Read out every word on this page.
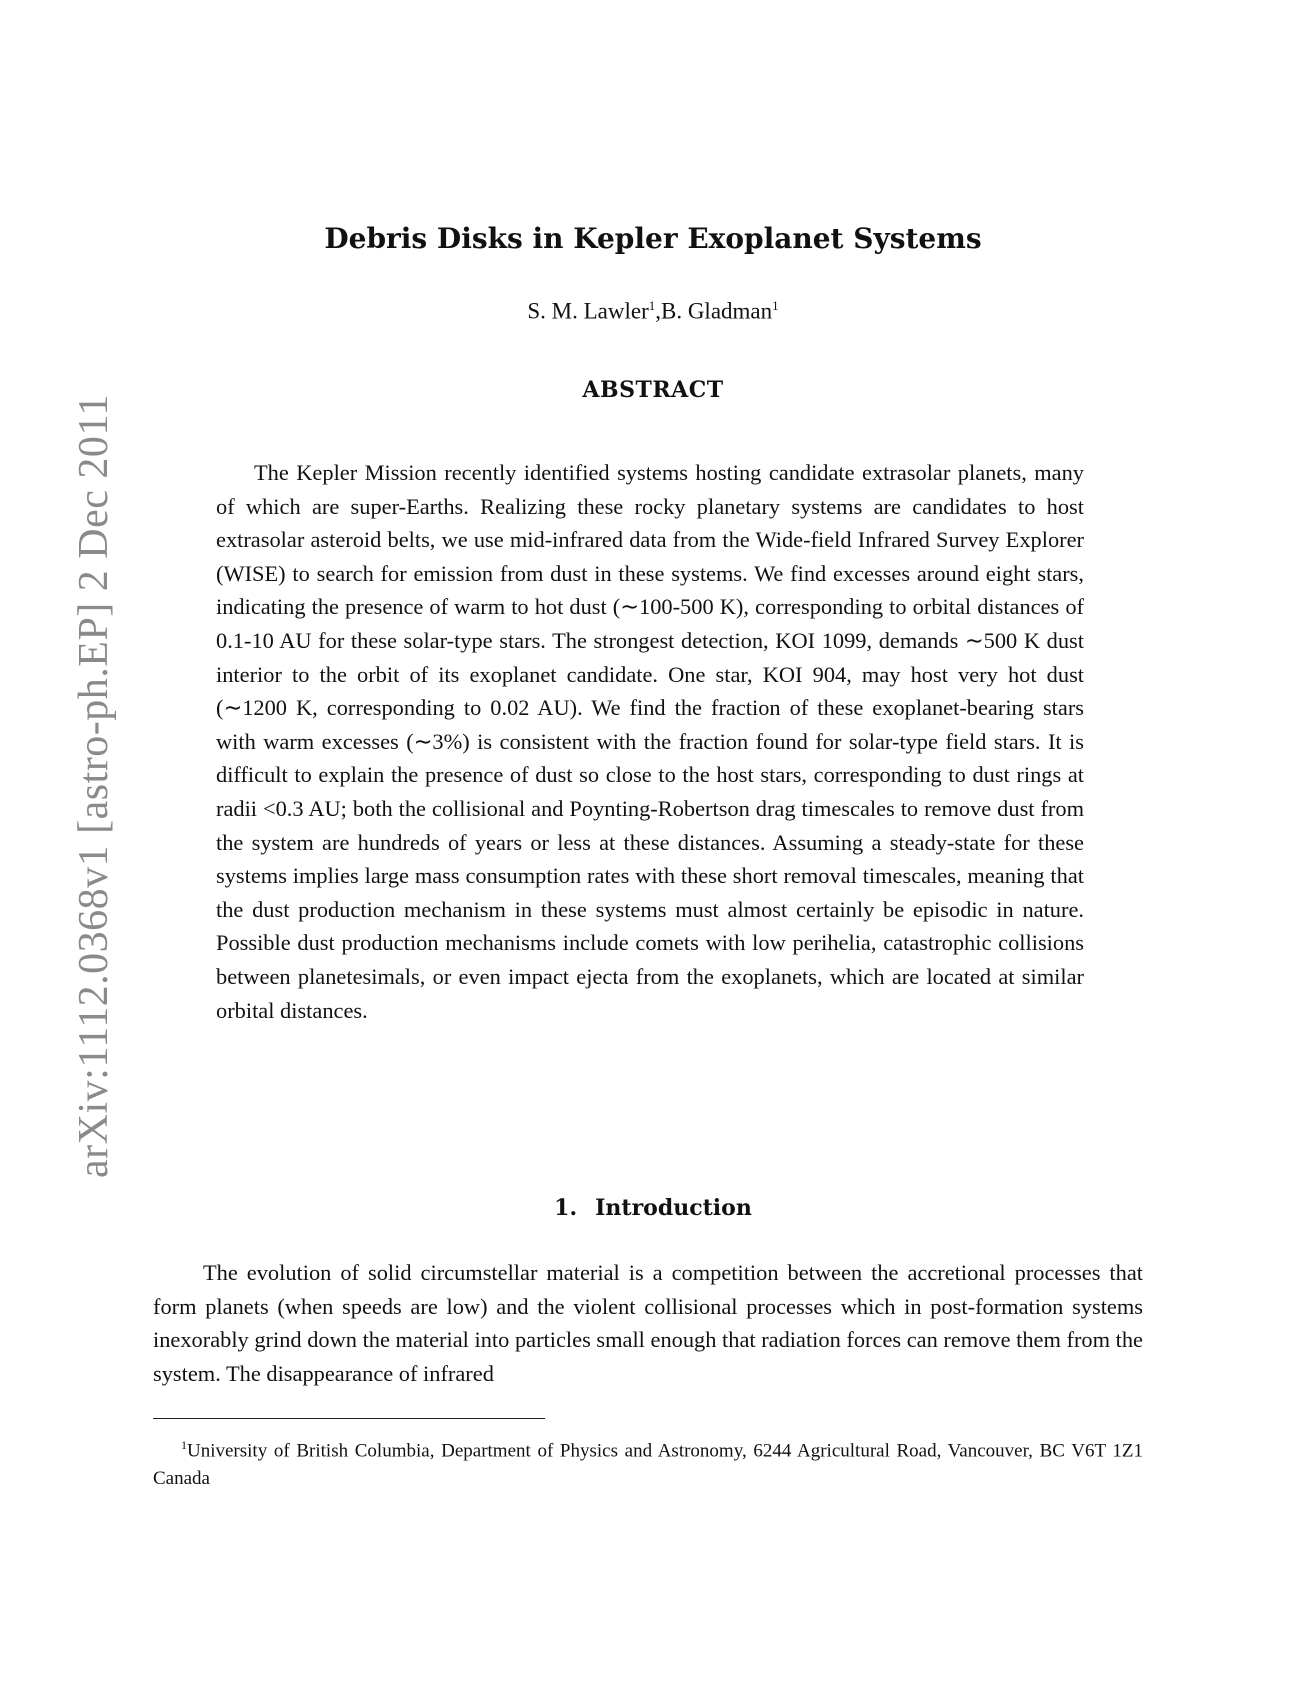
arXiv:1112.0368v1 [astro-ph.EP] 2 Dec 2011
Debris Disks in Kepler Exoplanet Systems
S. M. Lawler$^1$,B. Gladman$^1$
ABSTRACT

The Kepler Mission recently identified systems hosting candidate extrasolar planets, many of which are super-Earths. Realizing these rocky planetary systems are candidates to host extrasolar asteroid belts, we use mid-infrared data from the Wide-field Infrared Survey Explorer (WISE) to search for emission from dust in these systems. We find excesses around eight stars, indicating the presence of warm to hot dust (∼100-500 K), corresponding to orbital distances of 0.1-10 AU for these solar-type stars. The strongest detection, KOI 1099, demands ∼500 K dust interior to the orbit of its exoplanet candidate. One star, KOI 904, may host very hot dust (∼1200 K, corresponding to 0.02 AU). We find the fraction of these exoplanet-bearing stars with warm excesses (∼3%) is consistent with the fraction found for solar-type field stars. It is difficult to explain the presence of dust so close to the host stars, corresponding to dust rings at radii <0.3 AU; both the collisional and Poynting-Robertson drag timescales to remove dust from the system are hundreds of years or less at these distances. Assuming a steady-state for these systems implies large mass consumption rates with these short removal timescales, meaning that the dust production mechanism in these systems must almost certainly be episodic in nature. Possible dust production mechanisms include comets with low perihelia, catastrophic collisions between planetesimals, or even impact ejecta from the exoplanets, which are located at similar orbital distances.

1. Introduction

The evolution of solid circumstellar material is a competition between the accretional processes that form planets (when speeds are low) and the violent collisional processes which in post-formation systems inexorably grind down the material into particles small enough that radiation forces can remove them from the system. The disappearance of infrared

$^1$University of British Columbia, Department of Physics and Astronomy, 6244 Agricultural Road, Vancouver, BC V6T 1Z1 Canada
